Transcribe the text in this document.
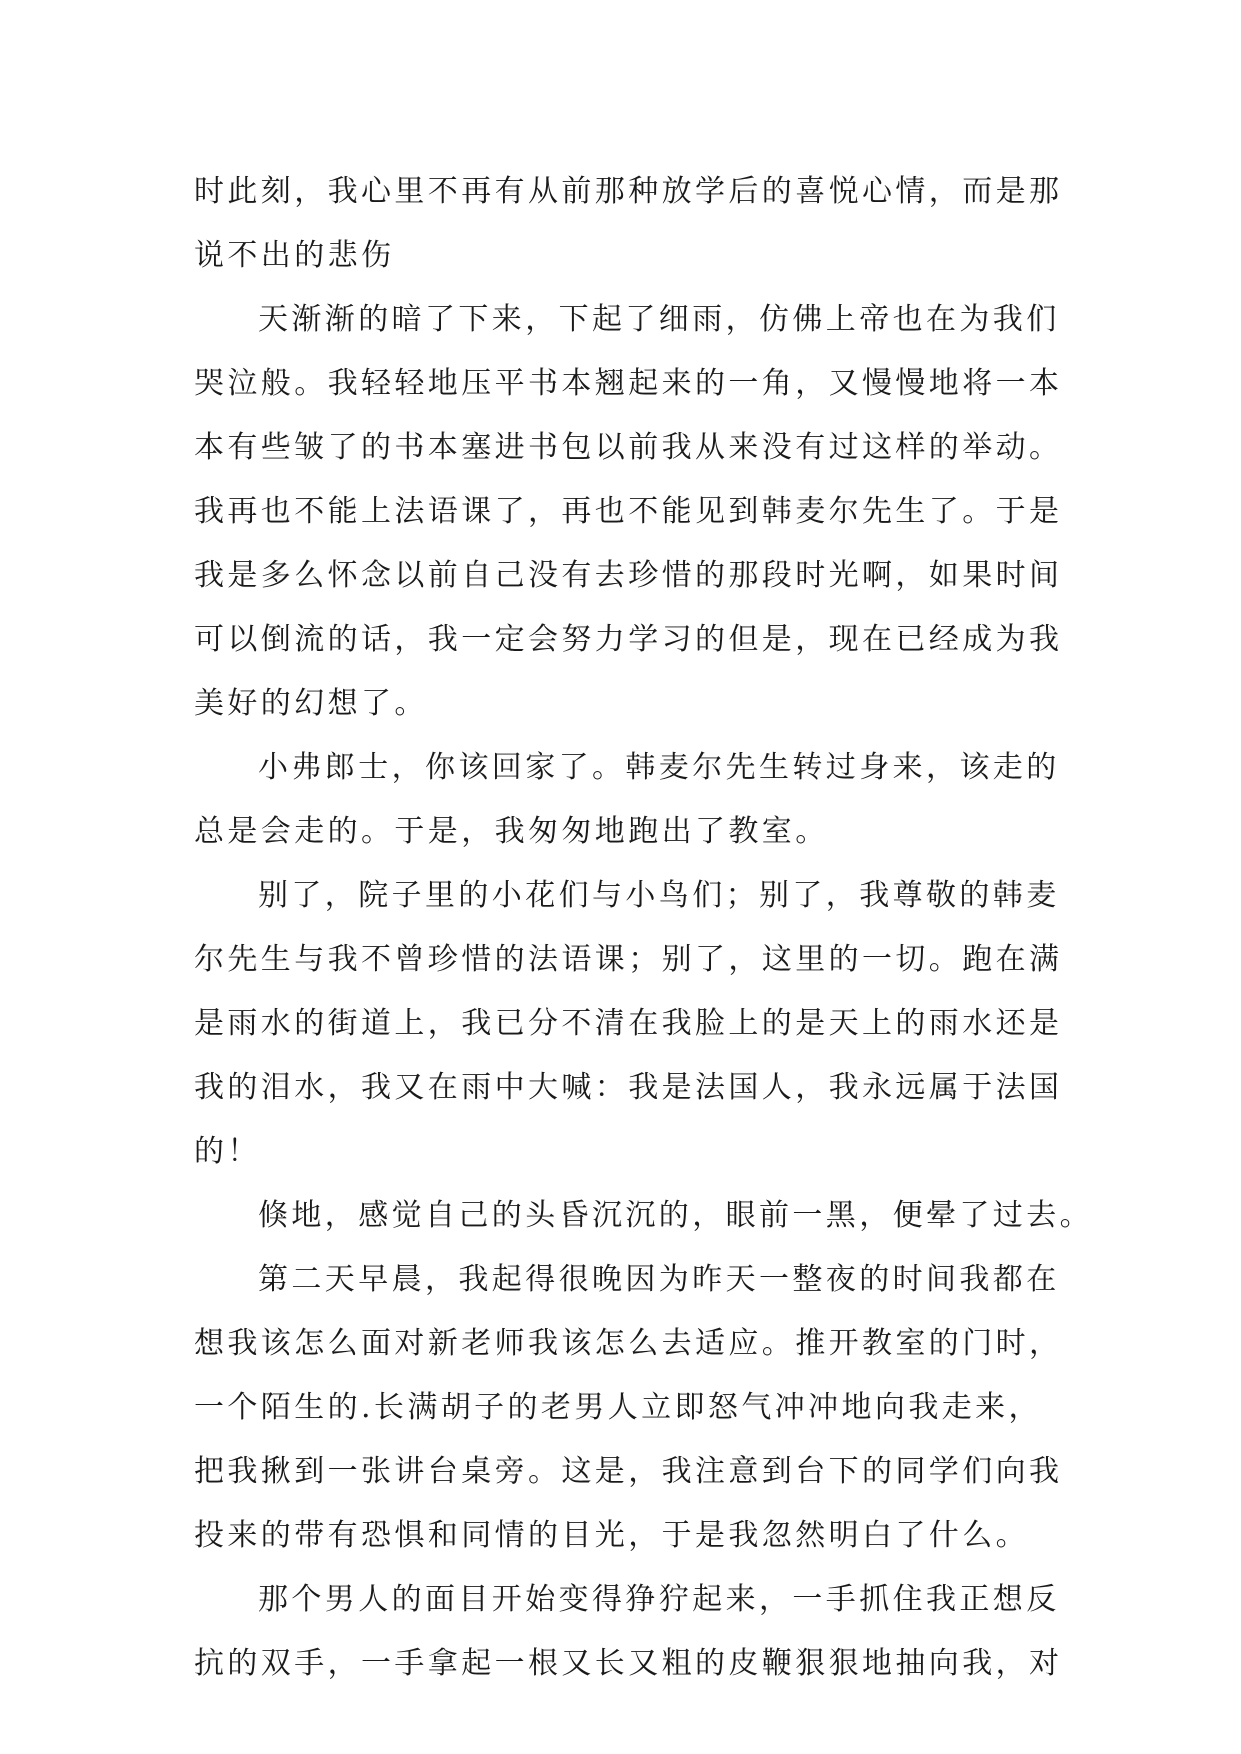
时此刻，我心里不再有从前那种放学后的喜悦心情，而是那
说不出的悲伤
天渐渐的暗了下来，下起了细雨，仿佛上帝也在为我们
哭泣般。我轻轻地压平书本翘起来的一角，又慢慢地将一本
本有些皱了的书本塞进书包以前我从来没有过这样的举动。
我再也不能上法语课了，再也不能见到韩麦尔先生了。于是
我是多么怀念以前自己没有去珍惜的那段时光啊，如果时间
可以倒流的话，我一定会努力学习的但是，现在已经成为我
美好的幻想了。
小弗郎士，你该回家了。韩麦尔先生转过身来，该走的
总是会走的。于是，我匆匆地跑出了教室。
别了，院子里的小花们与小鸟们；别了，我尊敬的韩麦
尔先生与我不曾珍惜的法语课；别了，这里的一切。跑在满
是雨水的街道上，我已分不清在我脸上的是天上的雨水还是
我的泪水，我又在雨中大喊：我是法国人，我永远属于法国
的！
倏地，感觉自己的头昏沉沉的，眼前一黑，便晕了过去。
第二天早晨，我起得很晚因为昨天一整夜的时间我都在
想我该怎么面对新老师我该怎么去适应。推开教室的门时，
一个陌生的.长满胡子的老男人立即怒气冲冲地向我走来，
把我揪到一张讲台桌旁。这是，我注意到台下的同学们向我
投来的带有恐惧和同情的目光，于是我忽然明白了什么。
那个男人的面目开始变得狰狞起来，一手抓住我正想反
抗的双手，一手拿起一根又长又粗的皮鞭狠狠地抽向我，对
